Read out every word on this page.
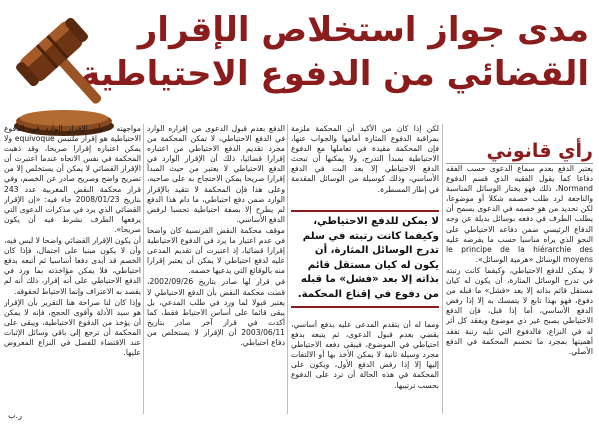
مدى جواز استخلاص الإقرار
القضائي من الدفوع الاحتياطية
رأي قانوني

يعتبر الدفع بعدم سماع الدعوى حسب الفقه دفاعا كما يقول الفقيه الذي قسم الدفوع Normand، ذلك فهو يختار الوسائل المناسبة والناجعة لرد طلب خصمه شكلا أو موضوعا، لكن تحديد من هو خصمه في الدعوى يسمح أن يطلب الطرف في دفعه بوسائل بديلة عن وجه الدفاع الرئيسي ضمن دفاعه الاحتياطي على النحو الذي يراه مناسبا حسب ما يفرضه عليه le principe de la hiérarchie des moyens الوسائل «هرمية الوسائل».

لا يمكن للدفع الاحتياطي، وكيفما كانت رتبته في تدرج الوسائل المثارة، أن يكون له كيان مستقل قائم بذاته إلا بعد «فشل» ما قبله من دفوع، فهو بهذا تابع لا يتمسك به إلا إذا رفض الدفع الأساسي، أما إذا قبل، فإن الدفع الاحتياطي يصبح غير ذي موضوع ويفقد كل أثر له في النزاع، فالدفوع التي تليه رتبة تفقد أهميتها بمجرد ما تحسم المحكمة في الدفع الأصلي.

لكن إذا كان من الأكيد أن المحكمة ملزمة بمراقبة الدفوع المثارة أمامها والجواب عنها، فإن المحكمة مقيدة في تعاملها مع الدفوع الاحتياطية بمبدأ التدرج، ولا يمكنها أن تبحث الدفع الاحتياطي إلا بعد البت في الدفع الأساسي، وذلك كوسيلة من الوسائل المقدمة في إطار المسطرة.

لا يمكن للدفع الاحتياطي، وكيفما كانت رتبته في سلم تدرج الوسائل المثارة، أن يكون له كيان مستقل قائم بذاته إلا بعد «فشل» ما قبله من دفوع في إقناع المحكمة.

ومما له أن يتقدم المدعى عليه بدفع أساسي، يقضي بعدم قبول الدعوى، ثم يتبعه بدفع احتياطي في الموضوع، فيبقى دفعه الاحتياطي مجرد وسيلة ثانية لا يمكن الأخذ بها أو الالتفات إليها إلا إذا رفض الدفع الأول، ويكون على المحكمة في هذه الحالة أن ترد على الدفوع بحسب ترتيبها.

الدفع بعدم قبول الدعوى من إقراره الوارد في الدفع الاحتياطي، لا تمكن المحكمة من مجرد تقديم الدفع الاحتياطي من اعتباره إقرارا قضائيا، ذلك أن الإقرار الوارد في الدفع الاحتياطي لا يعتبر من حيث المبدأ إقرارا صريحا يمكن الاحتجاج به على صاحبه، وعلى هذا فإن المحكمة لا تتقيد بالإقرار الوارد ضمن دفع احتياطي، ما دام هذا الدفع لم يطرح إلا بصفة احتياطية تحسبا لرفض الدفع الأساسي.

موقف محكمة النقض الفرنسية كان واضحا في عدم اعتبار ما يرد في الدفوع الاحتياطية إقرارا قضائيا، إذ اعتبرت أن تقديم المدعى عليه لدفع احتياطي لا يمكن أن يعتبر إقرارا منه بالوقائع التي يدعيها خصمه.

في قرار لها صادر بتاريخ 2002/09/26، قضت محكمة النقض بأن الدفع الاحتياطي لا يعتبر قبولا لما ورد في طلب المدعي، بل يبقى قائما على أساس الاحتياط فقط، كما أكدت في قرار آخر صادر بتاريخ 2003/06/11 أن الإقرار لا يستخلص من دفاع احتياطي.

مواجهته - بأن الإقرار الوارد في الدفوع الاحتياطية هو إقرار ملتبس equivoque ولا يمكن اعتباره إقرارا صريحا، وقد ذهبت المحكمة في نفس الاتجاه عندما اعتبرت أن الإقرار القضائي لا يمكن أن يستخلص إلا من تصريح واضح وصريح صادر عن الخصم، وفي قرار محكمة النقض المغربية عدد 243 بتاريخ 2008/01/23 جاء فيه: «إن الإقرار القضائي الذي يرد في مذكرات الدعوى التي يرفعها الطرف بشرط فيه أن يكون صريحا».

أن يكون الإقرار القضائي واضحا لا لبس فيه، وأن لا يكون مبنيا على احتمال، فإذا كان الخصم قد أبدى دفعا أساسيا ثم أتبعه بدفع احتياطي، فلا يمكن مؤاخذته بما ورد في الدفع الاحتياطي على أنه إقرار، ذلك أنه لم يقصد به الاعتراف وإنما الاحتياط لحقوقه.

وإذا كان لنا صراحة هنا التقرير بأن الإقرار هو سيد الأدلة وأقوى الحجج، فإنه لا يمكن أن يؤخذ من الدفوع الاحتياطية، ويبقى على المحكمة أن ترجع إلى باقي وسائل الإثبات عند الاقتضاء للفصل في النزاع المعروض عليها.

ر.ب
